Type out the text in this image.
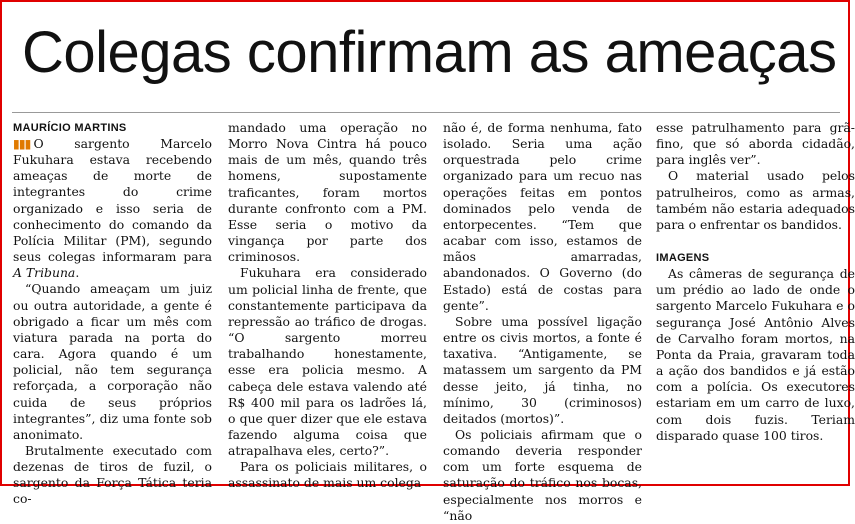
Colegas confirmam as ameaças
MAURÍCIO MARTINS

▮▮▮ O sargento Marcelo Fukuhara estava recebendo ameaças de morte de integrantes do crime organizado e isso seria de conhecimento do comando da Polícia Militar (PM), segundo seus colegas informaram para A Tribuna.

“Quando ameaçam um juiz ou outra autoridade, a gente é obrigado a ficar um mês com viatura parada na porta do cara. Agora quando é um policial, não tem segurança reforçada, a corporação não cuida de seus próprios integrantes”, diz uma fonte sob anonimato.

Brutalmente executado com dezenas de tiros de fuzil, o sargento da Força Tática teria co-

mandado uma operação no Morro Nova Cintra há pouco mais de um mês, quando três homens, supostamente traficantes, foram mortos durante confronto com a PM. Esse seria o motivo da vingança por parte dos criminosos.

Fukuhara era considerado um policial linha de frente, que constantemente participava da repressão ao tráfico de drogas. “O sargento morreu trabalhando honestamente, esse era policia mesmo. A cabeça dele estava valendo até R$ 400 mil para os ladrões lá, o que quer dizer que ele estava fazendo alguma coisa que atrapalhava eles, certo?”.

Para os policiais militares, o assassinato de mais um colega

não é, de forma nenhuma, fato isolado. Seria uma ação orquestrada pelo crime organizado para um recuo nas operações feitas em pontos dominados pelo venda de entorpecentes. “Tem que acabar com isso, estamos de mãos amarradas, abandonados. O Governo (do Estado) está de costas para gente”.

Sobre uma possível ligação entre os civis mortos, a fonte é taxativa. “Antigamente, se matassem um sargento da PM desse jeito, já tinha, no mínimo, 30 (criminosos) deitados (mortos)”.

Os policiais afirmam que o comando deveria responder com um forte esquema de saturação do tráfico nos bocas, especialmente nos morros e “não

esse patrulhamento para grã-fino, que só aborda cidadão, para inglês ver”.

O material usado pelos patrulheiros, como as armas, também não estaria adequados para o enfrentar os bandidos.

IMAGENS

As câmeras de segurança de um prédio ao lado de onde o sargento Marcelo Fukuhara e o segurança José Antônio Alves de Carvalho foram mortos, na Ponta da Praia, gravaram toda a ação dos bandidos e já estão com a polícia. Os executores estariam em um carro de luxo, com dois fuzis. Teriam disparado quase 100 tiros.
